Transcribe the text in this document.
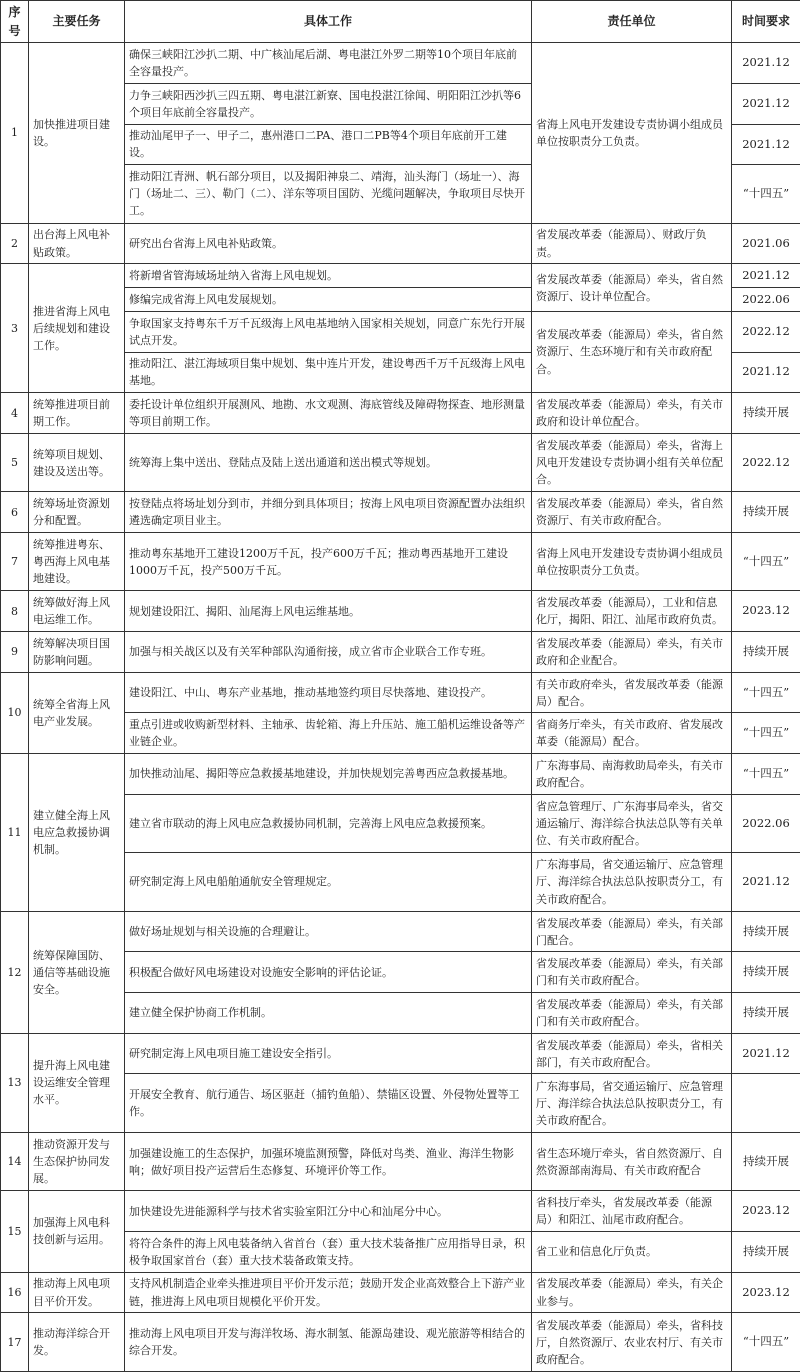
序号	主要任务	具体工作	责任单位	时间要求
1	加快推进项目建设。	确保三峡阳江沙扒二期、中广核汕尾后湖、粤电湛江外罗二期等10个项目年底前全容量投产。	省海上风电开发建设专责协调小组成员单位按职责分工负责。	2021.12
		力争三峡阳西沙扒三四五期、粤电湛江新寮、国电投湛江徐闻、明阳阳江沙扒等6个项目年底前全容量投产。		2021.12
		推动汕尾甲子一、甲子二，惠州港口二PA、港口二PB等4个项目年底前开工建设。		2021.12
		推动阳江青洲、帆石部分项目，以及揭阳神泉二、靖海，汕头海门（场址一）、海门（场址二、三）、勒门（二）、洋东等项目国防、光缆问题解决，争取项目尽快开工。		“十四五”
2	出台海上风电补贴政策。	研究出台省海上风电补贴政策。	省发展改革委（能源局）、财政厅负责。	2021.06
3	推进省海上风电后续规划和建设工作。	将新增省管海域场址纳入省海上风电规划。	省发展改革委（能源局）牵头，省自然资源厅、设计单位配合。	2021.12
		修编完成省海上风电发展规划。		2022.06
		争取国家支持粤东千万千瓦级海上风电基地纳入国家相关规划，同意广东先行开展试点开发。	省发展改革委（能源局）牵头，省自然资源厅、生态环境厅和有关市政府配合。	2022.12
		推动阳江、湛江海域项目集中规划、集中连片开发，建设粤西千万千瓦级海上风电基地。		2021.12
4	统筹推进项目前期工作。	委托设计单位组织开展测风、地勘、水文观测、海底管线及障碍物探查、地形测量等项目前期工作。	省发展改革委（能源局）牵头，有关市政府和设计单位配合。	持续开展
5	统筹项目规划、建设及送出等。	统筹海上集中送出、登陆点及陆上送出通道和送出模式等规划。	省发展改革委（能源局）牵头，省海上风电开发建设专责协调小组有关单位配合。	2022.12
6	统筹场址资源划分和配置。	按登陆点将场址划分到市，并细分到具体项目；按海上风电项目资源配置办法组织遴选确定项目业主。	省发展改革委（能源局）牵头，省自然资源厅、有关市政府配合。	持续开展
7	统筹推进粤东、粤西海上风电基地建设。	推动粤东基地开工建设1200万千瓦，投产600万千瓦；推动粤西基地开工建设1000万千瓦，投产500万千瓦。	省海上风电开发建设专责协调小组成员单位按职责分工负责。	“十四五”
8	统筹做好海上风电运维工作。	规划建设阳江、揭阳、汕尾海上风电运维基地。	省发展改革委（能源局），工业和信息化厅，揭阳、阳江、汕尾市政府负责。	2023.12
9	统筹解决项目国防影响问题。	加强与相关战区以及有关军种部队沟通衔接，成立省市企业联合工作专班。	省发展改革委（能源局）牵头，有关市政府和企业配合。	持续开展
10	统筹全省海上风电产业发展。	建设阳江、中山、粤东产业基地，推动基地签约项目尽快落地、建设投产。	有关市政府牵头，省发展改革委（能源局）配合。	“十四五”
		重点引进或收购新型材料、主轴承、齿轮箱、海上升压站、施工船机运维设备等产业链企业。	省商务厅牵头，有关市政府、省发展改革委（能源局）配合。	“十四五”
11	建立健全海上风电应急救援协调机制。	加快推动汕尾、揭阳等应急救援基地建设，并加快规划完善粤西应急救援基地。	广东海事局、南海救助局牵头，有关市政府配合。	“十四五”
		建立省市联动的海上风电应急救援协同机制，完善海上风电应急救援预案。	省应急管理厅、广东海事局牵头，省交通运输厅、海洋综合执法总队等有关单位、有关市政府配合。	2022.06
		研究制定海上风电船舶通航安全管理规定。	广东海事局，省交通运输厅、应急管理厅、海洋综合执法总队按职责分工，有关市政府配合。	2021.12
12	统筹保障国防、通信等基础设施安全。	做好场址规划与相关设施的合理避让。	省发展改革委（能源局）牵头，有关部门配合。	持续开展
		积极配合做好风电场建设对设施安全影响的评估论证。	省发展改革委（能源局）牵头，有关部门和有关市政府配合。	持续开展
		建立健全保护协商工作机制。	省发展改革委（能源局）牵头，有关部门和有关市政府配合。	持续开展
13	提升海上风电建设运维安全管理水平。	研究制定海上风电项目施工建设安全指引。	省发展改革委（能源局）牵头，省相关部门，有关市政府配合。	2021.12
		开展安全教育、航行通告、场区驱赶（捕钓鱼船）、禁锚区设置、外侵物处置等工作。	广东海事局，省交通运输厅、应急管理厅、海洋综合执法总队按职责分工，有关市政府配合。	
14	推动资源开发与生态保护协同发展。	加强建设施工的生态保护，加强环境监测预警，降低对鸟类、渔业、海洋生物影响；做好项目投产运营后生态修复、环境评价等工作。	省生态环境厅牵头，省自然资源厅、自然资源部南海局、有关市政府配合	持续开展
15	加强海上风电科技创新与运用。	加快建设先进能源科学与技术省实验室阳江分中心和汕尾分中心。	省科技厅牵头，省发展改革委（能源局）和阳江、汕尾市政府配合。	2023.12
		将符合条件的海上风电装备纳入省首台（套）重大技术装备推广应用指导目录，积极争取国家首台（套）重大技术装备政策支持。	省工业和信息化厅负责。	持续开展
16	推动海上风电项目平价开发。	支持风机制造企业牵头推进项目平价开发示范；鼓励开发企业高效整合上下游产业链，推进海上风电项目规模化平价开发。	省发展改革委（能源局）牵头，有关企业参与。	2023.12
17	推动海洋综合开发。	推动海上风电项目开发与海洋牧场、海水制氢、能源岛建设、观光旅游等相结合的综合开发。	省发展改革委（能源局）牵头，省科技厅，自然资源厅、农业农村厅、有关市政府配合。	“十四五”
